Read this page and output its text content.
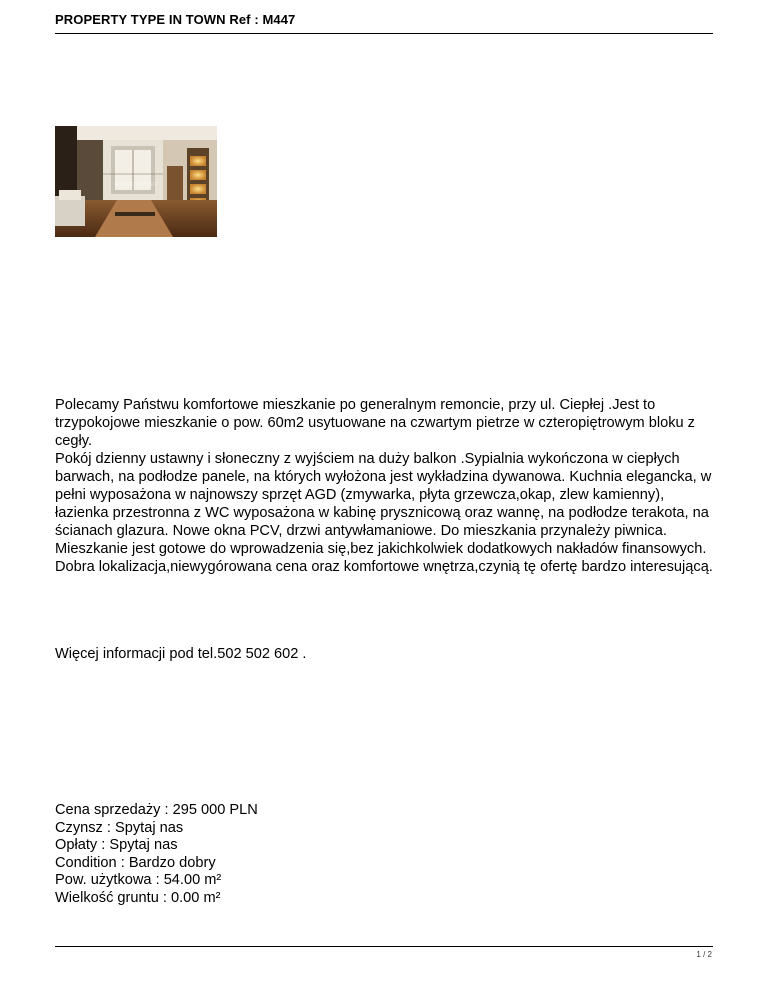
PROPERTY TYPE IN TOWN Ref : M447
NIERUCHOMOŚCI

Polecamy Państwu komfortowe mieszkanie po generalnym remoncie, przy ul. Ciepłej .Jest to trzypokojowe mieszkanie o pow. 60m2 usytuowane na czwartym pietrze w czteropiętrowym bloku z cegły.

Pokój dzienny ustawny i słoneczny z wyjściem na duży balkon .Sypialnia wykończona w ciepłych barwach, na podłodze panele, na których wyłożona jest wykładzina dywanowa. Kuchnia elegancka, w pełni wyposażona w najnowszy sprzęt AGD (zmywarka, płyta grzewcza,okap, zlew kamienny), łazienka przestronna z WC wyposażona w kabinę prysznicową oraz wannę, na podłodze terakota, na ścianach glazura. Nowe okna PCV, drzwi antywłamaniowe. Do mieszkania przynależy piwnica. Mieszkanie jest gotowe do wprowadzenia się,bez jakichkolwiek dodatkowych nakładów finansowych. Dobra lokalizacja,niewygórowana cena oraz komfortowe wnętrza,czynią tę ofertę bardzo interesującą.

Więcej informacji pod tel.502 502 602 .
Cena sprzedaży : 295 000 PLN
Czynsz : Spytaj nas
Opłaty : Spytaj nas
Condition : Bardzo dobry
Pow. użytkowa : 54.00 m²
Wielkość gruntu : 0.00 m²
1 / 2
